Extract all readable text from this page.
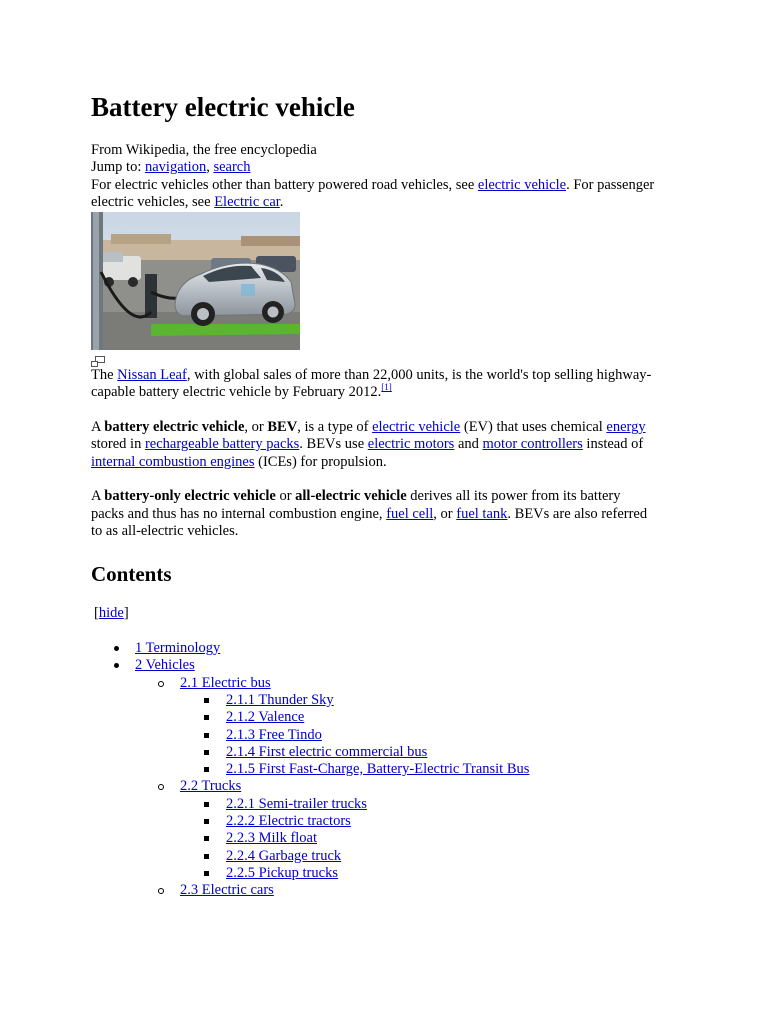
Battery electric vehicle
From Wikipedia, the free encyclopedia
Jump to: navigation, search
For electric vehicles other than battery powered road vehicles, see electric vehicle. For passenger
electric vehicles, see Electric car.
The Nissan Leaf, with global sales of more than 22,000 units, is the world's top selling highway-
capable battery electric vehicle by February 2012.[1]
A battery electric vehicle, or BEV, is a type of electric vehicle (EV) that uses chemical energy
stored in rechargeable battery packs. BEVs use electric motors and motor controllers instead of
internal combustion engines (ICEs) for propulsion.
A battery-only electric vehicle or all-electric vehicle derives all its power from its battery
packs and thus has no internal combustion engine, fuel cell, or fuel tank. BEVs are also referred
to as all-electric vehicles.
Contents
[hide]
1 Terminology
2 Vehicles
2.1 Electric bus
2.1.1 Thunder Sky
2.1.2 Valence
2.1.3 Free Tindo
2.1.4 First electric commercial bus
2.1.5 First Fast-Charge, Battery-Electric Transit Bus
2.2 Trucks
2.2.1 Semi-trailer trucks
2.2.2 Electric tractors
2.2.3 Milk float
2.2.4 Garbage truck
2.2.5 Pickup trucks
2.3 Electric cars
